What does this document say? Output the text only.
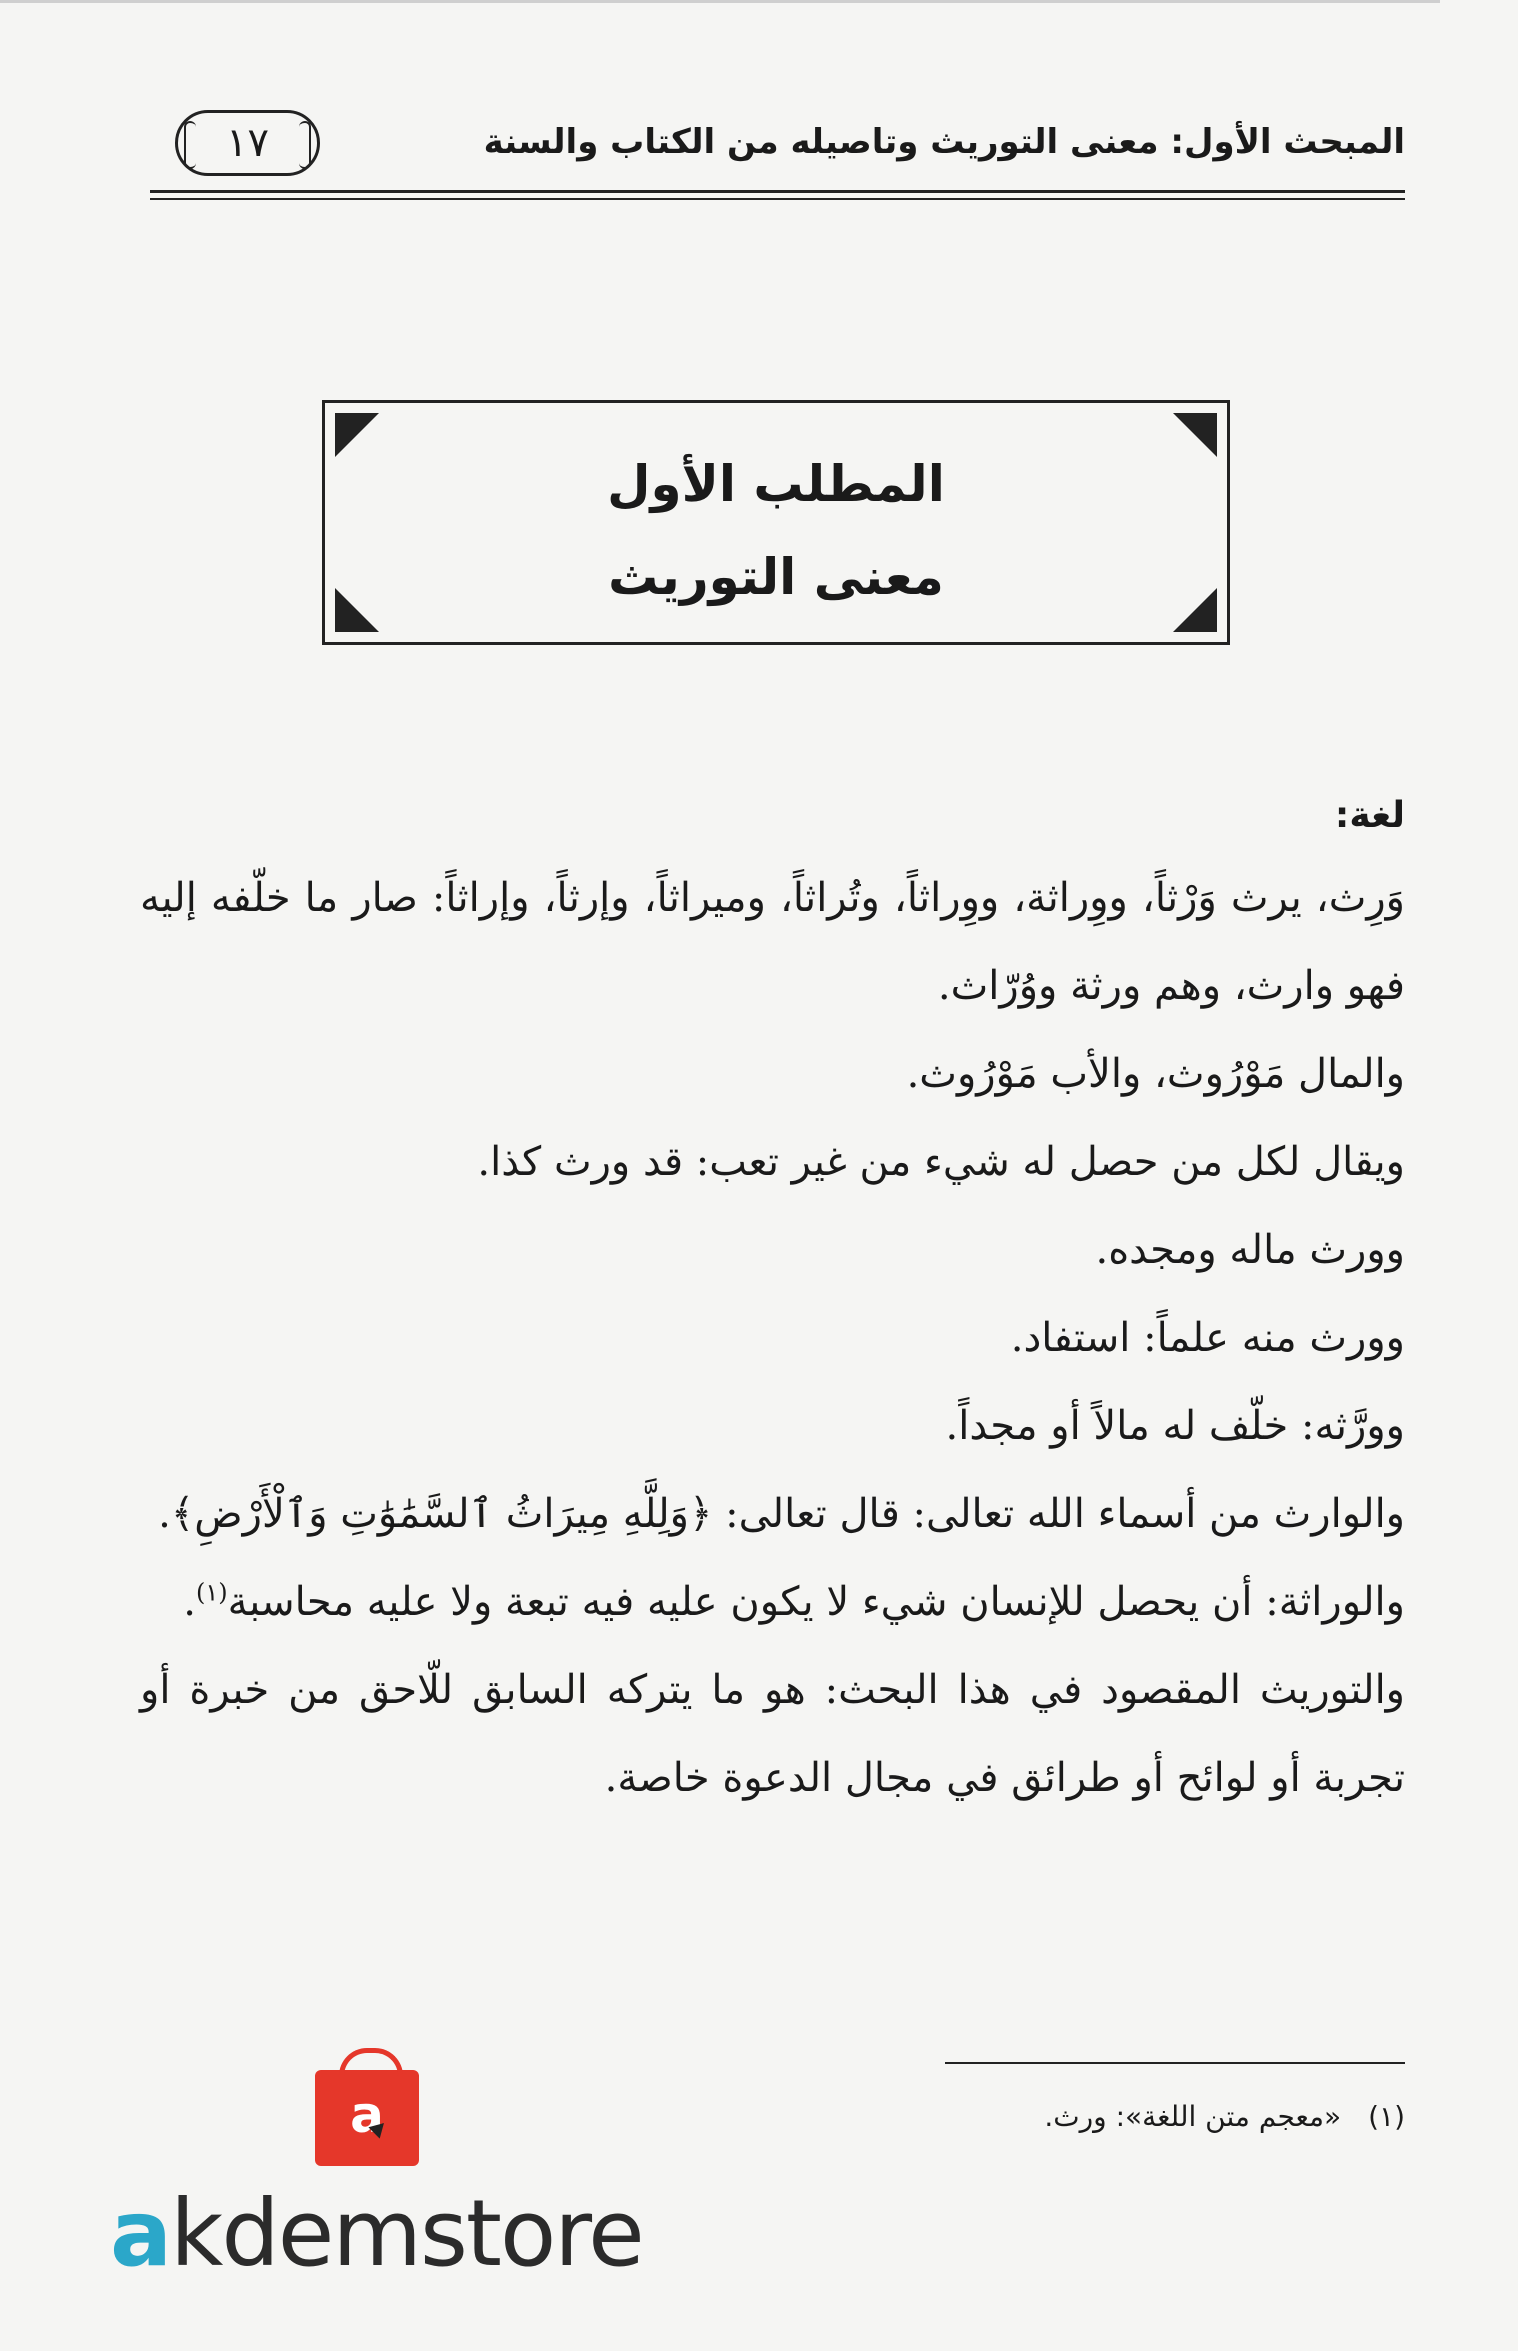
المبحث الأول: معنى التوريث وتاصيله من الكتاب والسنة
١٧
المطلب الأول
معنى التوريث
لغة:

وَرِث، يرث وَرْثاً، ووِراثة، ووِراثاً، وتُراثاً، وميراثاً، وإرثاً، وإراثاً: صار ما خلّفه إليه فهو وارث، وهم ورثة ووُرّاث.

والمال مَوْرُوث، والأب مَوْرُوث.

ويقال لكل من حصل له شيء من غير تعب: قد ورث كذا.

وورث ماله ومجده.

وورث منه علماً: استفاد.

وورَّثه: خلّف له مالاً أو مجداً.

والوارث من أسماء الله تعالى: قال تعالى: ﴿وَلِلَّهِ مِيرَاثُ ٱلسَّمَٰوَٰتِ وَٱلْأَرْضِ﴾.

والوراثة: أن يحصل للإنسان شيء لا يكون عليه فيه تبعة ولا عليه محاسبة$^{(١)}$.

والتوريث المقصود في هذا البحث: هو ما يتركه السابق للّاحق من خبرة أو تجربة أو لوائح أو طرائق في مجال الدعوة خاصة.

(١) «معجم متن اللغة»: ورث.
a
akdemstore
